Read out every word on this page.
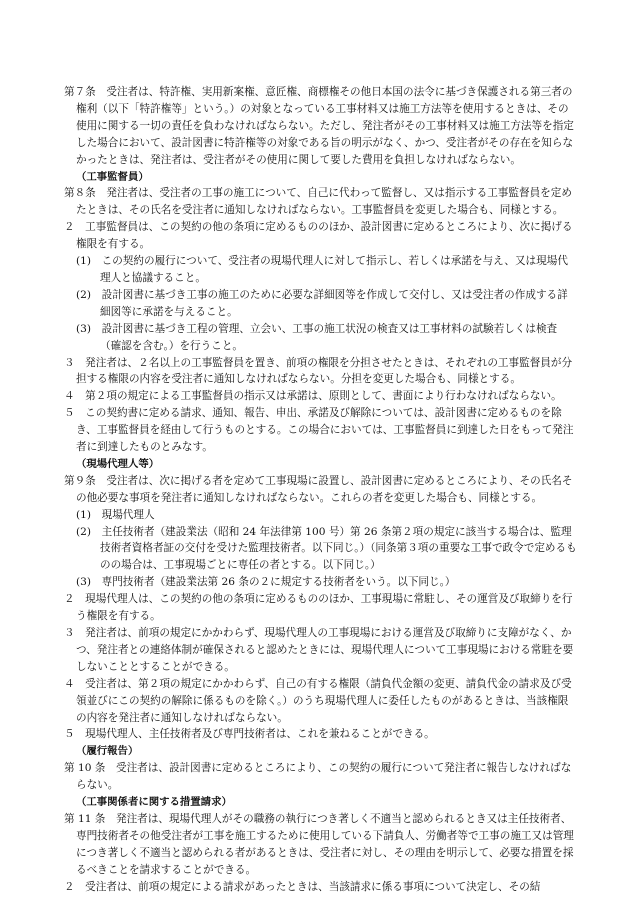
第７条　受注者は、特許権、実用新案権、意匠権、商標権その他日本国の法令に基づき保護される第三者の権利（以下「特許権等」という。）の対象となっている工事材料又は施工方法等を使用するときは、その使用に関する一切の責任を負わなければならない。ただし、発注者がその工事材料又は施工方法等を指定した場合において、設計図書に特許権等の対象である旨の明示がなく、かつ、受注者がその存在を知らなかったときは、発注者は、受注者がその使用に関して要した費用を負担しなければならない。

（工事監督員）

第８条　発注者は、受注者の工事の施工について、自己に代わって監督し、又は指示する工事監督員を定めたときは、その氏名を受注者に通知しなければならない。工事監督員を変更した場合も、同様とする。

２　工事監督員は、この契約の他の条項に定めるもののほか、設計図書に定めるところにより、次に掲げる権限を有する。

(1)　この契約の履行について、受注者の現場代理人に対して指示し、若しくは承諾を与え、又は現場代理人と協議すること。

(2)　設計図書に基づき工事の施工のために必要な詳細図等を作成して交付し、又は受注者の作成する詳細図等に承諾を与えること。

(3)　設計図書に基づき工程の管理、立会い、工事の施工状況の検査又は工事材料の試験若しくは検査（確認を含む。）を行うこと。

３　発注者は、２名以上の工事監督員を置き、前項の権限を分担させたときは、それぞれの工事監督員が分担する権限の内容を受注者に通知しなければならない。分担を変更した場合も、同様とする。

４　第２項の規定による工事監督員の指示又は承諾は、原則として、書面により行わなければならない。

５　この契約書に定める請求、通知、報告、申出、承諾及び解除については、設計図書に定めるものを除き、工事監督員を経由して行うものとする。この場合においては、工事監督員に到達した日をもって発注者に到達したものとみなす。

（現場代理人等）

第９条　受注者は、次に掲げる者を定めて工事現場に設置し、設計図書に定めるところにより、その氏名その他必要な事項を発注者に通知しなければならない。これらの者を変更した場合も、同様とする。

(1)　現場代理人

(2)　主任技術者（建設業法（昭和 24 年法律第 100 号）第 26 条第２項の規定に該当する場合は、監理技術者資格者証の交付を受けた監理技術者。以下同じ。）（同条第３項の重要な工事で政令で定めるものの場合は、工事現場ごとに専任の者とする。以下同じ。）

(3)　専門技術者（建設業法第 26 条の２に規定する技術者をいう。以下同じ。）

２　現場代理人は、この契約の他の条項に定めるもののほか、工事現場に常駐し、その運営及び取締りを行う権限を有する。

３　発注者は、前項の規定にかかわらず、現場代理人の工事現場における運営及び取締りに支障がなく、かつ、発注者との連絡体制が確保されると認めたときには、現場代理人について工事現場における常駐を要しないこととすることができる。

４　受注者は、第２項の規定にかかわらず、自己の有する権限（請負代金額の変更、請負代金の請求及び受領並びにこの契約の解除に係るものを除く。）のうち現場代理人に委任したものがあるときは、当該権限の内容を発注者に通知しなければならない。

５　現場代理人、主任技術者及び専門技術者は、これを兼ねることができる。

（履行報告）

第 10 条　受注者は、設計図書に定めるところにより、この契約の履行について発注者に報告しなければならない。

（工事関係者に関する措置請求）

第 11 条　発注者は、現場代理人がその職務の執行につき著しく不適当と認められるとき又は主任技術者、専門技術者その他受注者が工事を施工するために使用している下請負人、労働者等で工事の施工又は管理につき著しく不適当と認められる者があるときは、受注者に対し、その理由を明示して、必要な措置を採るべきことを請求することができる。

２　受注者は、前項の規定による請求があったときは、当該請求に係る事項について決定し、その結
